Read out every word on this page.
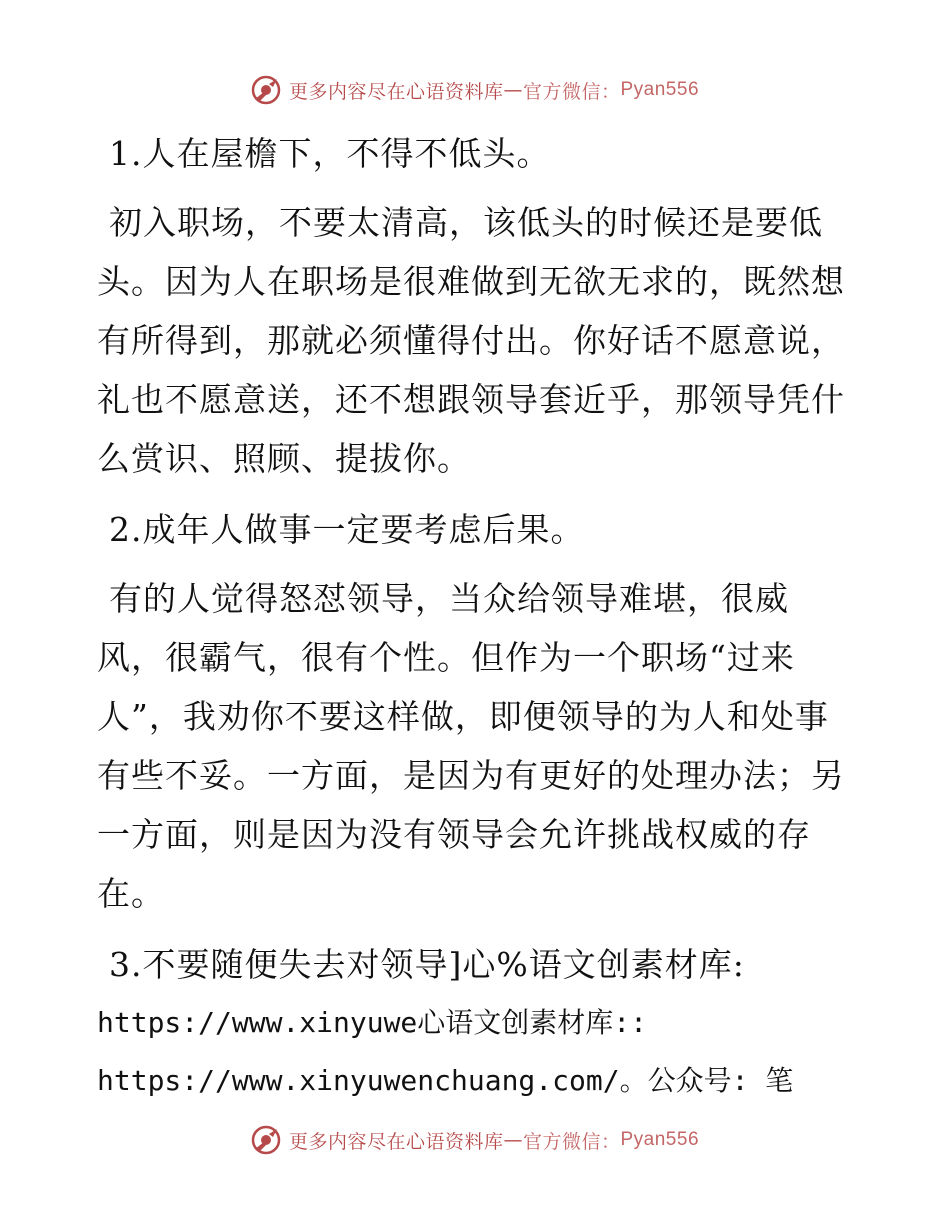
更多内容尽在心语资料库 — 官方微信： Pyan556

1.人在屋檐下，不得不低头。

初入职场，不要太清高，该低头的时候还是要低头。因为人在职场是很难做到无欲无求的，既然想有所得到，那就必须懂得付出。你好话不愿意说，礼也不愿意送，还不想跟领导套近乎，那领导凭什么赏识、照顾、提拔你。

2.成年人做事一定要考虑后果。

有的人觉得怒怼领导，当众给领导难堪，很威

风，很霸气，很有个性。但作为一个职场“过来人”，我劝你不要这样做，即便领导的为人和处事有些不妥。一方面，是因为有更好的处理办法；另一方面，则是因为没有领导会允许挑战权威的存在。

3.不要随便失去对领导]心%语文创素材库:

https://www.xinyuwe心语文创素材库::

https://www.xinyuwenchuang.com/。公众号: 笔

更多内容尽在心语资料库 — 官方微信： Pyan556
